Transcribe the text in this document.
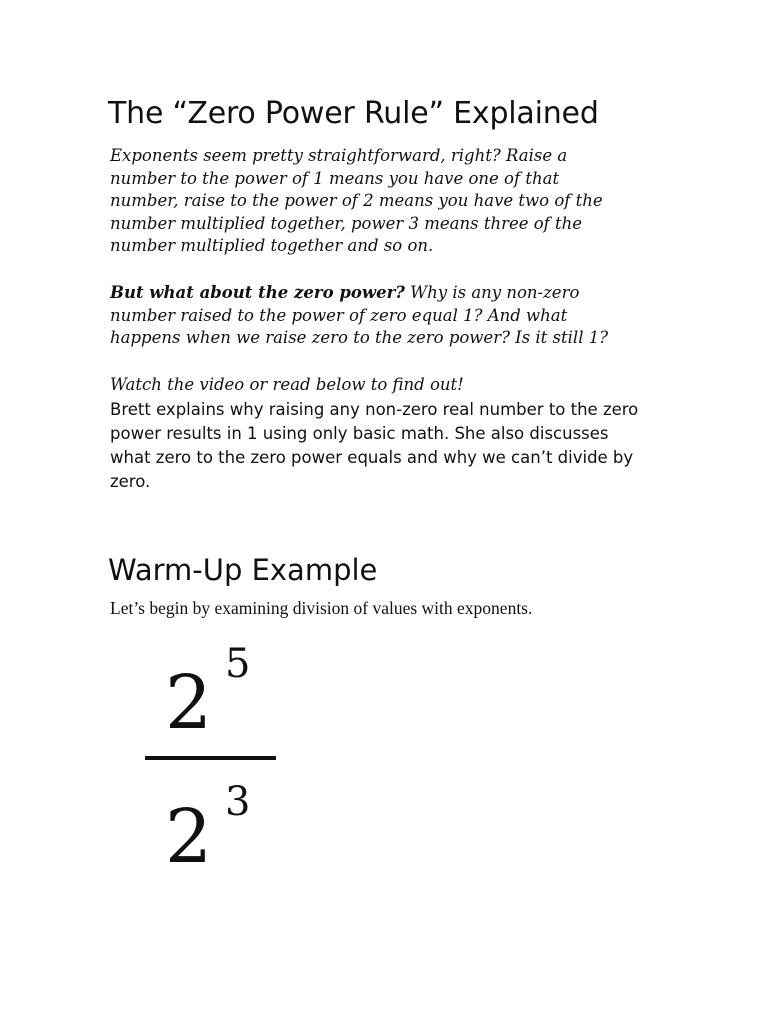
The “Zero Power Rule” Explained

Exponents seem pretty straightforward, right? Raise a
number to the power of 1 means you have one of that
number, raise to the power of 2 means you have two of the
number multiplied together, power 3 means three of the
number multiplied together and so on.

But what about the zero power? Why is any non-zero
number raised to the power of zero equal 1? And what
happens when we raise zero to the zero power? Is it still 1?

Watch the video or read below to find out!

Brett explains why raising any non-zero real number to the zero
power results in 1 using only basic math. She also discusses
what zero to the zero power equals and why we can’t divide by
zero.

Warm-Up Example

Let’s begin by examining division of values with exponents.

2 5
2 3
